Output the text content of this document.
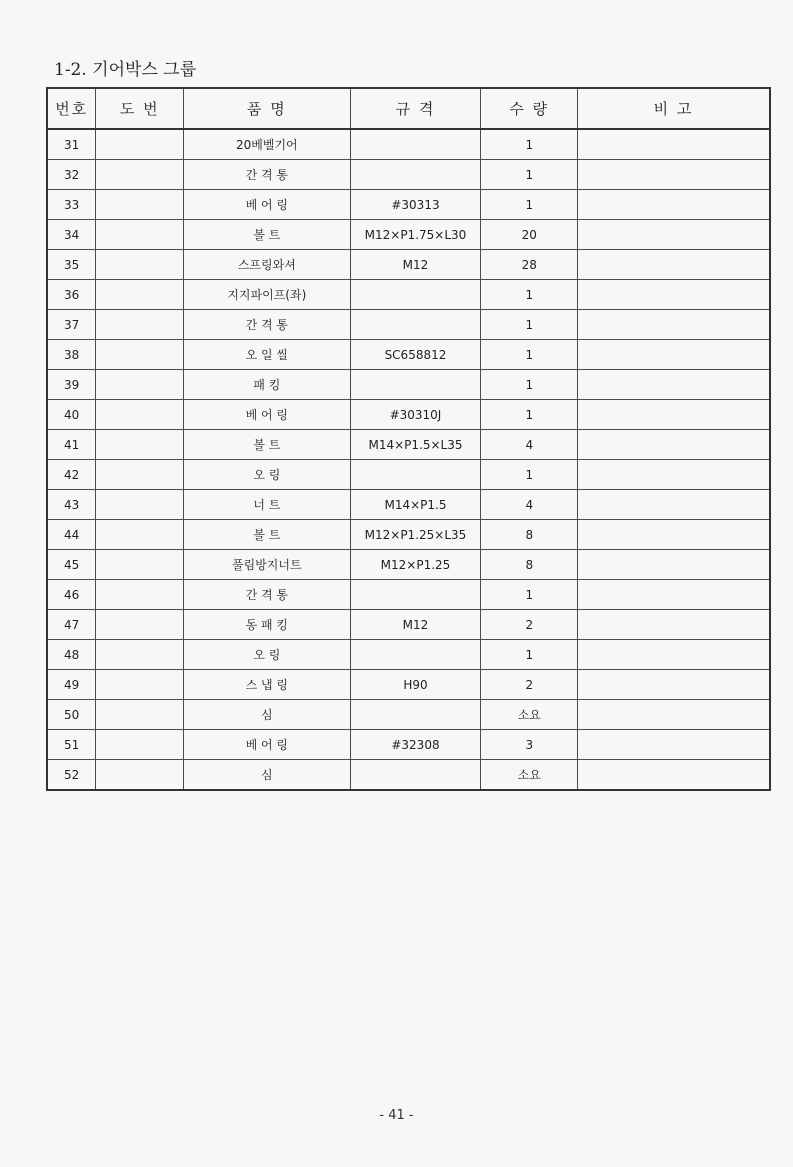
1-2. 기어박스 그룹
번호	도 번	품 명	규 격	수 량	비 고
31		20베벨기어		1	
32		간 격 통		1	
33		베 어 링	#30313	1	
34		볼 트	M12×P1.75×L30	20	
35		스프링와셔	M12	28	
36		지지파이프(좌)		1	
37		간 격 통		1	
38		오 일 씰	SC658812	1	
39		패 킹		1	
40		베 어 링	#30310J	1	
41		볼 트	M14×P1.5×L35	4	
42		오 링		1	
43		너 트	M14×P1.5	4	
44		볼 트	M12×P1.25×L35	8	
45		풀림방지너트	M12×P1.25	8	
46		간 격 통		1	
47		동 패 킹	M12	2	
48		오 링		1	
49		스 냅 링	H90	2	
50		심		소요	
51		베 어 링	#32308	3	
52		심		소요	
- 41 -
